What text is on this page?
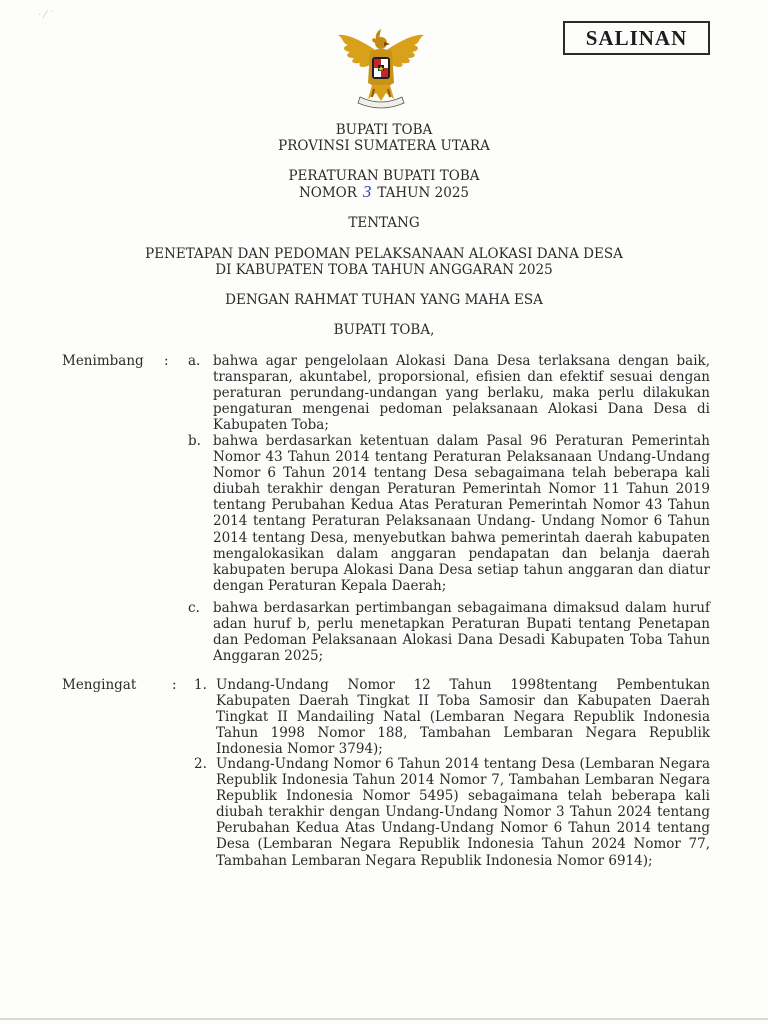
‧ ⁄ ˙
SALINAN
BUPATI TOBA
PROVINSI SUMATERA UTARA
PERATURAN BUPATI TOBA
NOMOR 3 TAHUN 2025
TENTANG
PENETAPAN DAN PEDOMAN PELAKSANAAN ALOKASI DANA DESA
DI KABUPATEN TOBA TAHUN ANGGARAN 2025
DENGAN RAHMAT TUHAN YANG MAHA ESA
BUPATI TOBA,
Menimbang : a. bahwa agar pengelolaan Alokasi Dana Desa terlaksana dengan baik, transparan, akuntabel, proporsional, efisien dan efektif sesuai dengan peraturan perundang-undangan yang berlaku, maka perlu dilakukan pengaturan mengenai pedoman pelaksanaan Alokasi Dana Desa di Kabupaten Toba;
b. bahwa berdasarkan ketentuan dalam Pasal 96 Peraturan Pemerintah Nomor 43 Tahun 2014 tentang Peraturan Pelaksanaan Undang-Undang Nomor 6 Tahun 2014 tentang Desa sebagaimana telah beberapa kali diubah terakhir dengan Peraturan Pemerintah Nomor 11 Tahun 2019 tentang Perubahan Kedua Atas Peraturan Pemerintah Nomor 43 Tahun 2014 tentang Peraturan Pelaksanaan Undang- Undang Nomor 6 Tahun 2014 tentang Desa, menyebutkan bahwa pemerintah daerah kabupaten mengalokasikan dalam anggaran pendapatan dan belanja daerah kabupaten berupa Alokasi Dana Desa setiap tahun anggaran dan diatur dengan Peraturan Kepala Daerah;
c. bahwa berdasarkan pertimbangan sebagaimana dimaksud dalam huruf adan huruf b, perlu menetapkan Peraturan Bupati tentang Penetapan dan Pedoman Pelaksanaan Alokasi Dana Desadi Kabupaten Toba Tahun Anggaran 2025;
Mengingat	: 1. Undang-Undang Nomor 12 Tahun 1998tentang Pembentukan Kabupaten Daerah Tingkat II Toba Samosir dan Kabupaten Daerah Tingkat II Mandailing Natal (Lembaran Negara Republik Indonesia Tahun 1998 Nomor 188, Tambahan Lembaran Negara Republik Indonesia Nomor 3794);
2. Undang-Undang Nomor 6 Tahun 2014 tentang Desa (Lembaran Negara Republik Indonesia Tahun 2014 Nomor 7, Tambahan Lembaran Negara Republik Indonesia Nomor 5495) sebagaimana telah beberapa kali diubah terakhir dengan Undang-Undang Nomor 3 Tahun 2024 tentang Perubahan Kedua Atas Undang-Undang Nomor 6 Tahun 2014 tentang Desa (Lembaran Negara Republik Indonesia Tahun 2024 Nomor 77, Tambahan Lembaran Negara Republik Indonesia Nomor 6914);
